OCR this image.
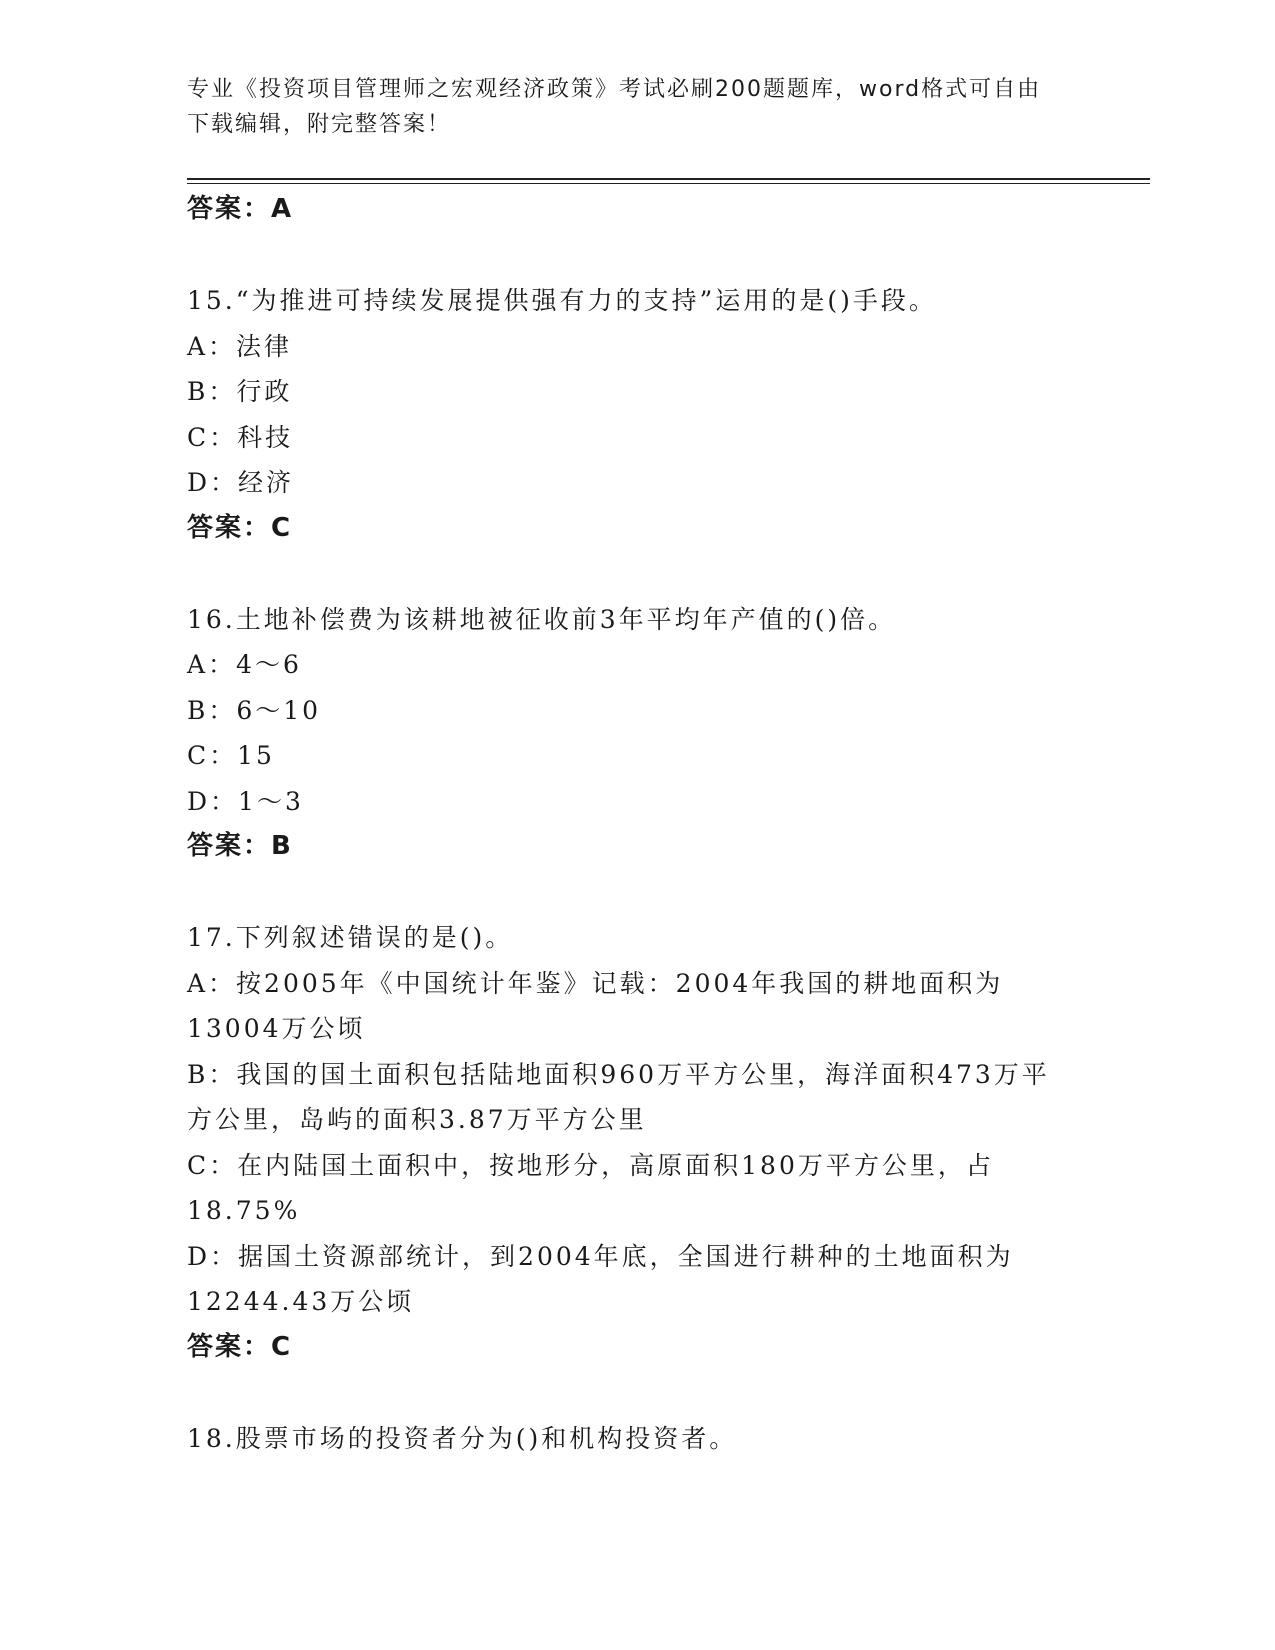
专业《投资项目管理师之宏观经济政策》考试必刷200题题库，word格式可自由
下载编辑，附完整答案！
答案：A
15.“为推进可持续发展提供强有力的支持”运用的是()手段。
A：法律
B：行政
C：科技
D：经济
答案：C
16.土地补偿费为该耕地被征收前3年平均年产值的()倍。
A：4～6
B：6～10
C：15
D：1～3
答案：B
17.下列叙述错误的是()。
A：按2005年《中国统计年鉴》记载：2004年我国的耕地面积为
13004万公顷
B：我国的国土面积包括陆地面积960万平方公里，海洋面积473万平
方公里，岛屿的面积3.87万平方公里
C：在内陆国土面积中，按地形分，高原面积180万平方公里，占
18.75%
D：据国土资源部统计，到2004年底，全国进行耕种的土地面积为
12244.43万公顷
答案：C
18.股票市场的投资者分为()和机构投资者。
